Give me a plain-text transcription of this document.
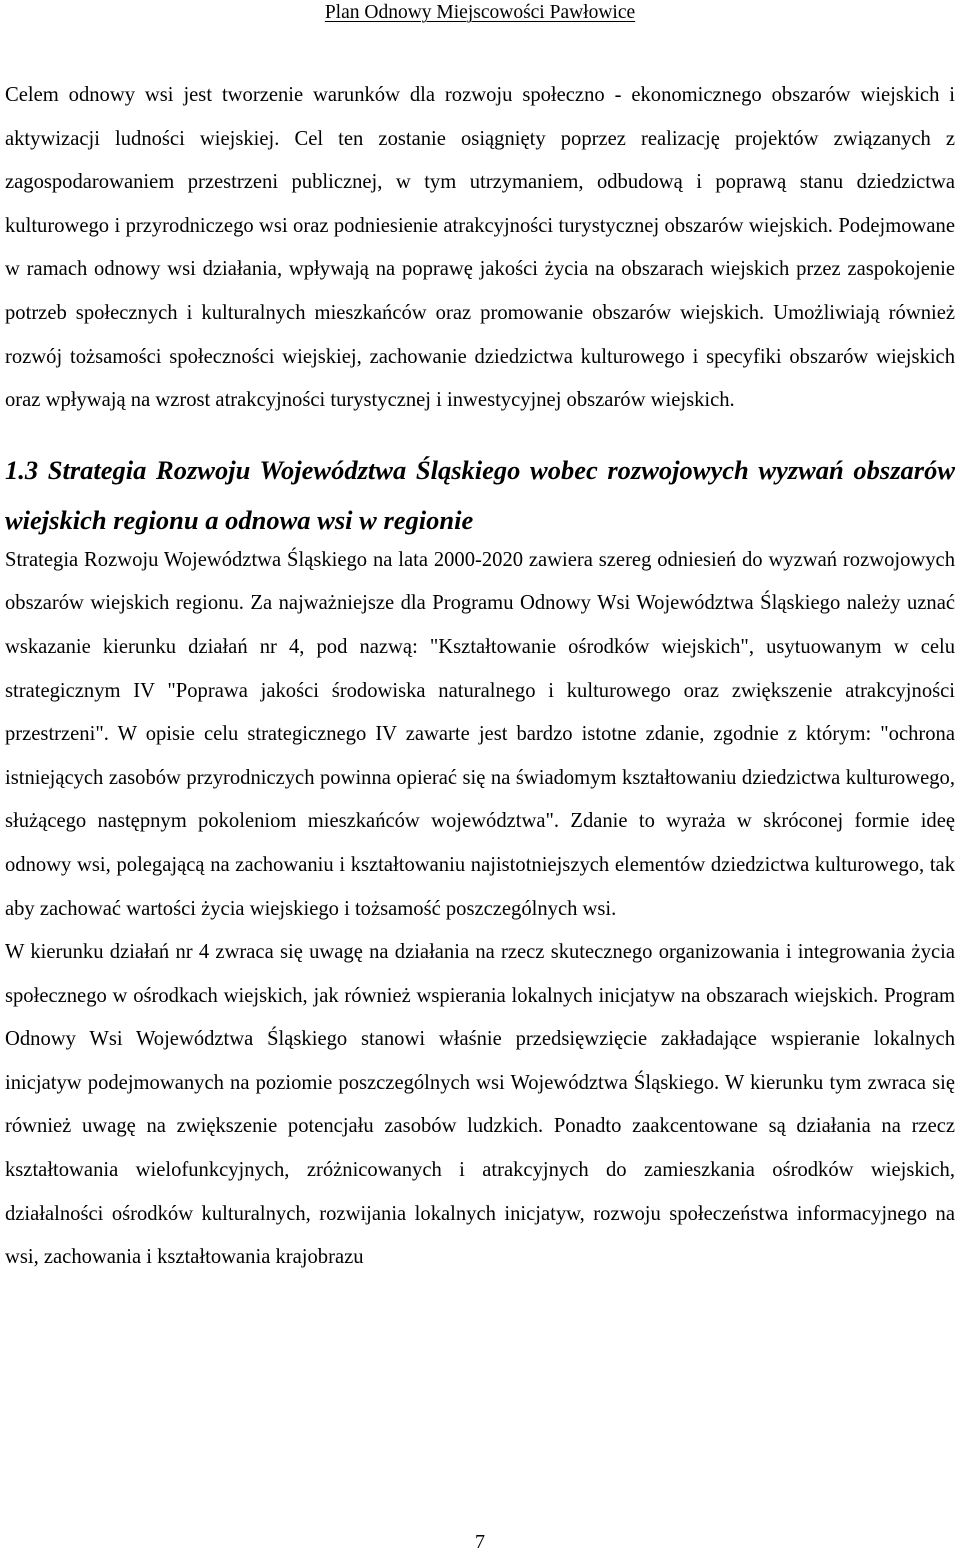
Plan Odnowy Miejscowości Pawłowice

Celem odnowy wsi jest tworzenie warunków dla rozwoju społeczno - ekonomicznego obszarów wiejskich i aktywizacji ludności wiejskiej. Cel ten zostanie osiągnięty poprzez realizację projektów związanych z zagospodarowaniem przestrzeni publicznej, w tym utrzymaniem, odbudową i poprawą stanu dziedzictwa kulturowego i przyrodniczego wsi oraz podniesienie atrakcyjności turystycznej obszarów wiejskich. Podejmowane w ramach odnowy wsi działania, wpływają na poprawę jakości życia na obszarach wiejskich przez zaspokojenie potrzeb społecznych i kulturalnych mieszkańców oraz promowanie obszarów wiejskich. Umożliwiają również rozwój tożsamości społeczności wiejskiej, zachowanie dziedzictwa kulturowego i specyfiki obszarów wiejskich oraz wpływają na wzrost atrakcyjności turystycznej i inwestycyjnej obszarów wiejskich.

1.3 Strategia Rozwoju Województwa Śląskiego wobec rozwojowych wyzwań obszarów wiejskich regionu a odnowa wsi w regionie

Strategia Rozwoju Województwa Śląskiego na lata 2000-2020 zawiera szereg odniesień do wyzwań rozwojowych obszarów wiejskich regionu. Za najważniejsze dla Programu Odnowy Wsi Województwa Śląskiego należy uznać wskazanie kierunku działań nr 4, pod nazwą: "Kształtowanie ośrodków wiejskich", usytuowanym w celu strategicznym IV "Poprawa jakości środowiska naturalnego i kulturowego oraz zwiększenie atrakcyjności przestrzeni". W opisie celu strategicznego IV zawarte jest bardzo istotne zdanie, zgodnie z którym: "ochrona istniejących zasobów przyrodniczych powinna opierać się na świadomym kształtowaniu dziedzictwa kulturowego, służącego następnym pokoleniom mieszkańców województwa". Zdanie to wyraża w skróconej formie ideę odnowy wsi, polegającą na zachowaniu i kształtowaniu najistotniejszych elementów dziedzictwa kulturowego, tak aby zachować wartości życia wiejskiego i tożsamość poszczególnych wsi.

W kierunku działań nr 4 zwraca się uwagę na działania na rzecz skutecznego organizowania i integrowania życia społecznego w ośrodkach wiejskich, jak również wspierania lokalnych inicjatyw na obszarach wiejskich. Program Odnowy Wsi Województwa Śląskiego stanowi właśnie przedsięwzięcie zakładające wspieranie lokalnych inicjatyw podejmowanych na poziomie poszczególnych wsi Województwa Śląskiego. W kierunku tym zwraca się również uwagę na zwiększenie potencjału zasobów ludzkich. Ponadto zaakcentowane są działania na rzecz kształtowania wielofunkcyjnych, zróżnicowanych i atrakcyjnych do zamieszkania ośrodków wiejskich, działalności ośrodków kulturalnych, rozwijania lokalnych inicjatyw, rozwoju społeczeństwa informacyjnego na wsi, zachowania i kształtowania krajobrazu

7
